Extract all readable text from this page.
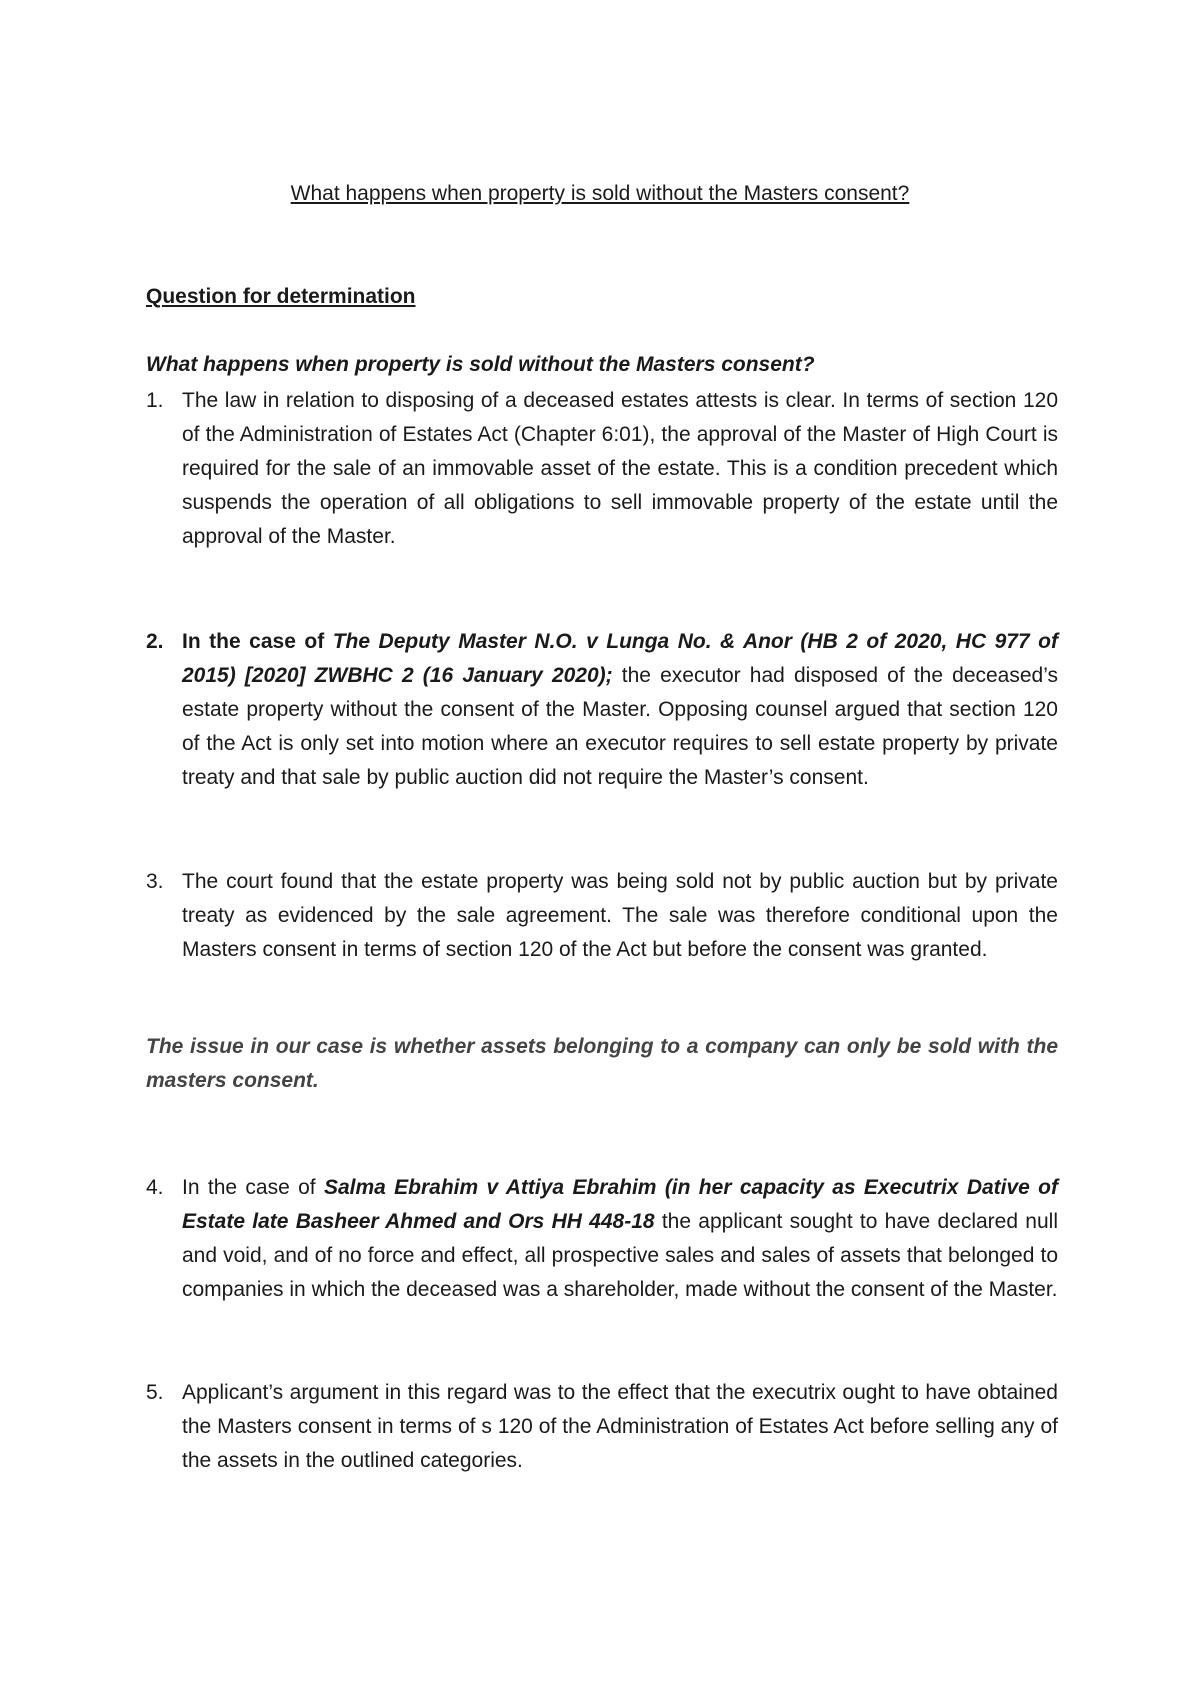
What happens when property is sold without the Masters consent?

Question for determination

What happens when property is sold without the Masters consent?

1. The law in relation to disposing of a deceased estates attests is clear. In terms of section 120 of the Administration of Estates Act (Chapter 6:01), the approval of the Master of High Court is required for the sale of an immovable asset of the estate. This is a condition precedent which suspends the operation of all obligations to sell immovable property of the estate until the approval of the Master.
2. In the case of The Deputy Master N.O. v Lunga No. & Anor (HB 2 of 2020, HC 977 of 2015) [2020] ZWBHC 2 (16 January 2020); the executor had disposed of the deceased’s estate property without the consent of the Master. Opposing counsel argued that section 120 of the Act is only set into motion where an executor requires to sell estate property by private treaty and that sale by public auction did not require the Master’s consent.
3. The court found that the estate property was being sold not by public auction but by private treaty as evidenced by the sale agreement. The sale was therefore conditional upon the Masters consent in terms of section 120 of the Act but before the consent was granted.

The issue in our case is whether assets belonging to a company can only be sold with the masters consent.

4. In the case of Salma Ebrahim v Attiya Ebrahim (in her capacity as Executrix Dative of Estate late Basheer Ahmed and Ors HH 448-18 the applicant sought to have declared null and void, and of no force and effect, all prospective sales and sales of assets that belonged to companies in which the deceased was a shareholder, made without the consent of the Master.
5. Applicant’s argument in this regard was to the effect that the executrix ought to have obtained the Masters consent in terms of s 120 of the Administration of Estates Act before selling any of the assets in the outlined categories.
